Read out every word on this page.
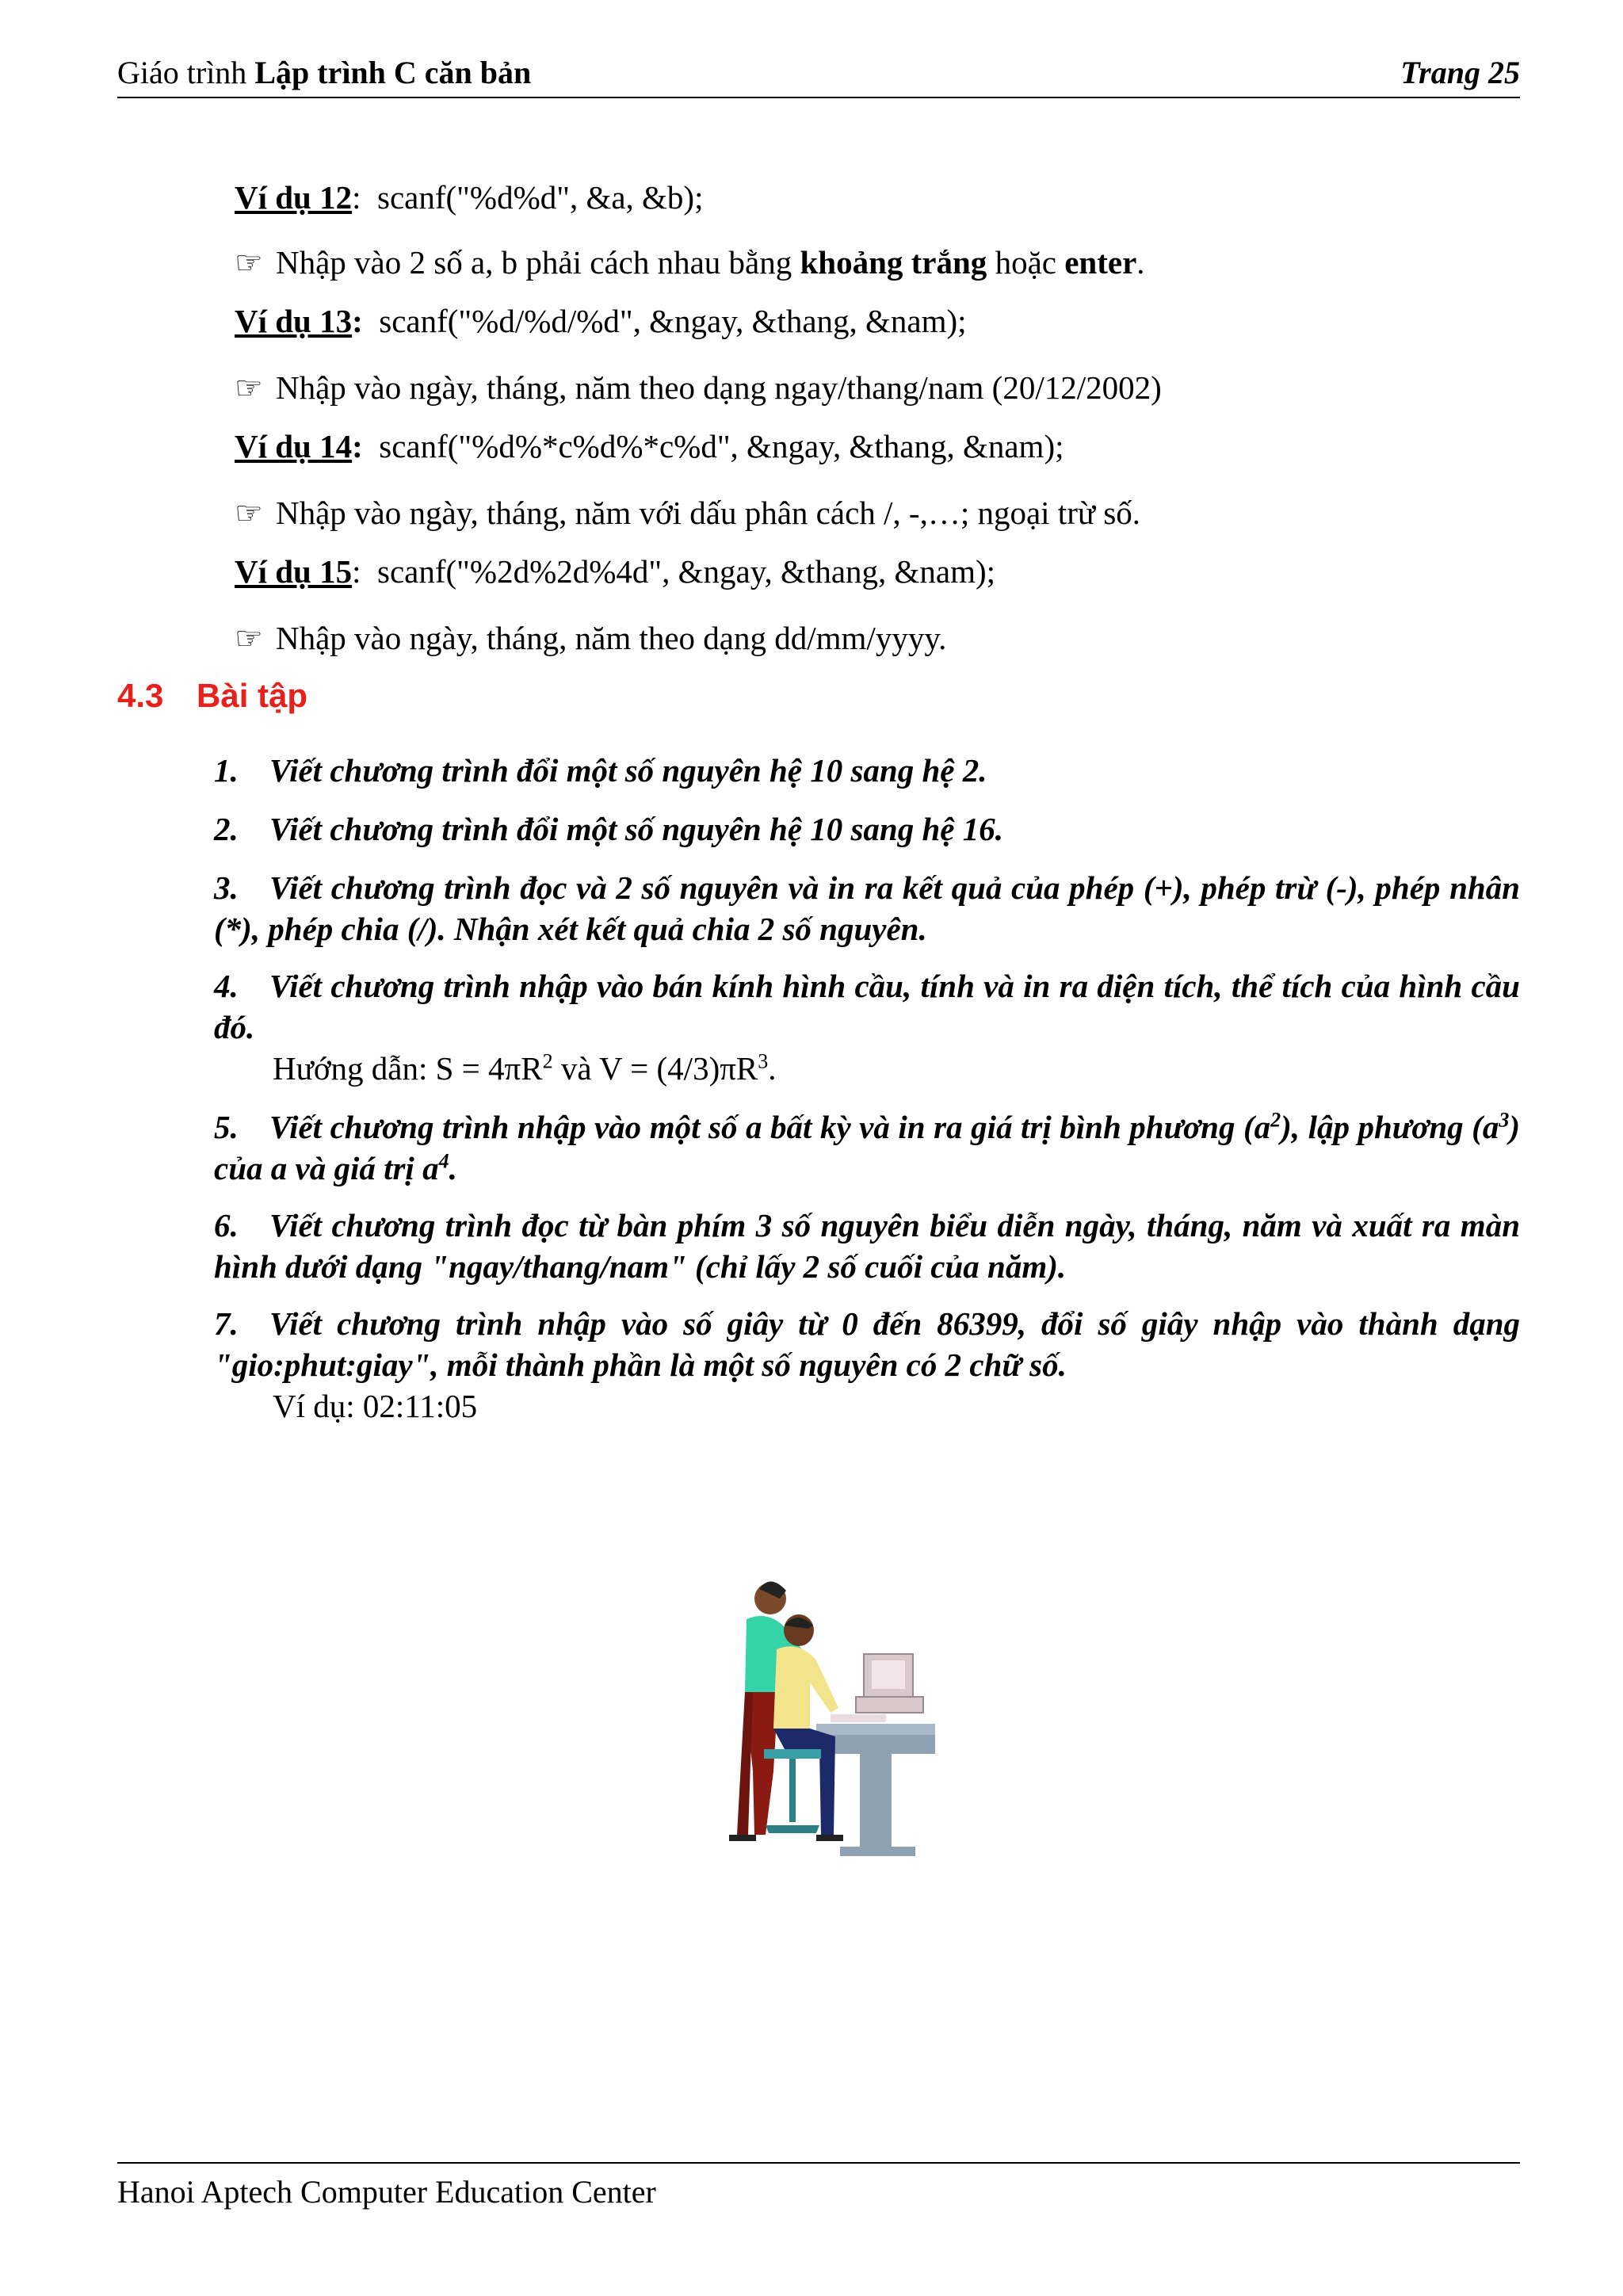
Giáo trình Lập trình C căn bản	Trang 25
Ví dụ 12: scanf("%d%d", &a, &b);
☞ Nhập vào 2 số a, b phải cách nhau bằng khoảng trắng hoặc enter.
Ví dụ 13: scanf("%d/%d/%d", &ngay, &thang, &nam);
☞ Nhập vào ngày, tháng, năm theo dạng ngay/thang/nam (20/12/2002)
Ví dụ 14: scanf("%d%*c%d%*c%d", &ngay, &thang, &nam);
☞ Nhập vào ngày, tháng, năm với dấu phân cách /, -,…; ngoại trừ số.
Ví dụ 15: scanf("%2d%2d%4d", &ngay, &thang, &nam);
☞ Nhập vào ngày, tháng, năm theo dạng dd/mm/yyyy.
4.3 Bài tập
1. Viết chương trình đổi một số nguyên hệ 10 sang hệ 2.
2. Viết chương trình đổi một số nguyên hệ 10 sang hệ 16.
3. Viết chương trình đọc và 2 số nguyên và in ra kết quả của phép (+), phép trừ (-), phép nhân (*), phép chia (/). Nhận xét kết quả chia 2 số nguyên.
4. Viết chương trình nhập vào bán kính hình cầu, tính và in ra diện tích, thể tích của hình cầu đó.
Hướng dẫn: $S = 4\pi R^2$ và $V = (4/3)\pi R^3$.
5. Viết chương trình nhập vào một số a bất kỳ và in ra giá trị bình phương $(a^2)$, lập phương $(a^3)$ của a và giá trị $a^4$.
6. Viết chương trình đọc từ bàn phím 3 số nguyên biểu diễn ngày, tháng, năm và xuất ra màn hình dưới dạng "ngay/thang/nam" (chỉ lấy 2 số cuối của năm).
7. Viết chương trình nhập vào số giây từ 0 đến 86399, đổi số giây nhập vào thành dạng "gio:phut:giay", mỗi thành phần là một số nguyên có 2 chữ số.
Ví dụ: 02:11:05
Hanoi Aptech Computer Education Center
